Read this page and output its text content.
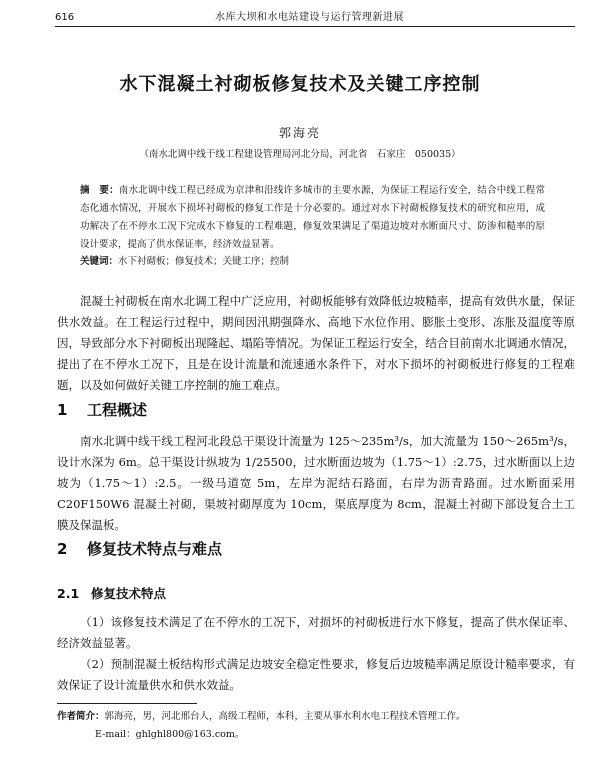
616	水库大坝和水电站建设与运行管理新进展
水下混凝土衬砌板修复技术及关键工序控制
郭海亮
（南水北调中线干线工程建设管理局河北分局，河北省　石家庄　050035）
摘　要：南水北调中线工程已经成为京津和沿线许多城市的主要水源，为保证工程运行安全，结合中线工程常态化通水情况，开展水下损坏衬砌板的修复工作是十分必要的。通过对水下衬砌板修复技术的研究和应用，成功解决了在不停水工况下完成水下修复的工程难题，修复效果满足了渠道边坡对水断面尺寸、防渗和糙率的原设计要求，提高了供水保证率，经济效益显著。
关键词：水下衬砌板；修复技术；关键工序；控制
混凝土衬砌板在南水北调工程中广泛应用，衬砌板能够有效降低边坡糙率，提高有效供水量，保证供水效益。在工程运行过程中，期间因汛期强降水、高地下水位作用、膨胀土变形、冻胀及温度等原因，导致部分水下衬砌板出现隆起、塌陷等情况。为保证工程运行安全，结合目前南水北调通水情况，提出了在不停水工况下，且是在设计流量和流速通水条件下，对水下损坏的衬砌板进行修复的工程难题，以及如何做好关键工序控制的施工难点。
1 工程概述
南水北调中线干线工程河北段总干渠设计流量为 125～235m³/s，加大流量为 150～265m³/s，设计水深为 6m。总干渠设计纵坡为 1/25500，过水断面边坡为（1.75～1）:2.75，过水断面以上边坡为（1.75～1）:2.5。一级马道宽 5m，左岸为泥结石路面，右岸为沥青路面。过水断面采用 C20F150W6 混凝土衬砌，渠坡衬砌厚度为 10cm，渠底厚度为 8cm，混凝土衬砌下部设复合土工膜及保温板。
2 修复技术特点与难点
2.1 修复技术特点
（1）该修复技术满足了在不停水的工况下，对损坏的衬砌板进行水下修复，提高了供水保证率、经济效益显著。
（2）预制混凝土板结构形式满足边坡安全稳定性要求，修复后边坡糙率满足原设计糙率要求，有效保证了设计流量供水和供水效益。
作者简介：郭海亮，男，河北邢台人，高级工程师，本科，主要从事水利水电工程技术管理工作。
E-mail：ghlghl800@163.com。
